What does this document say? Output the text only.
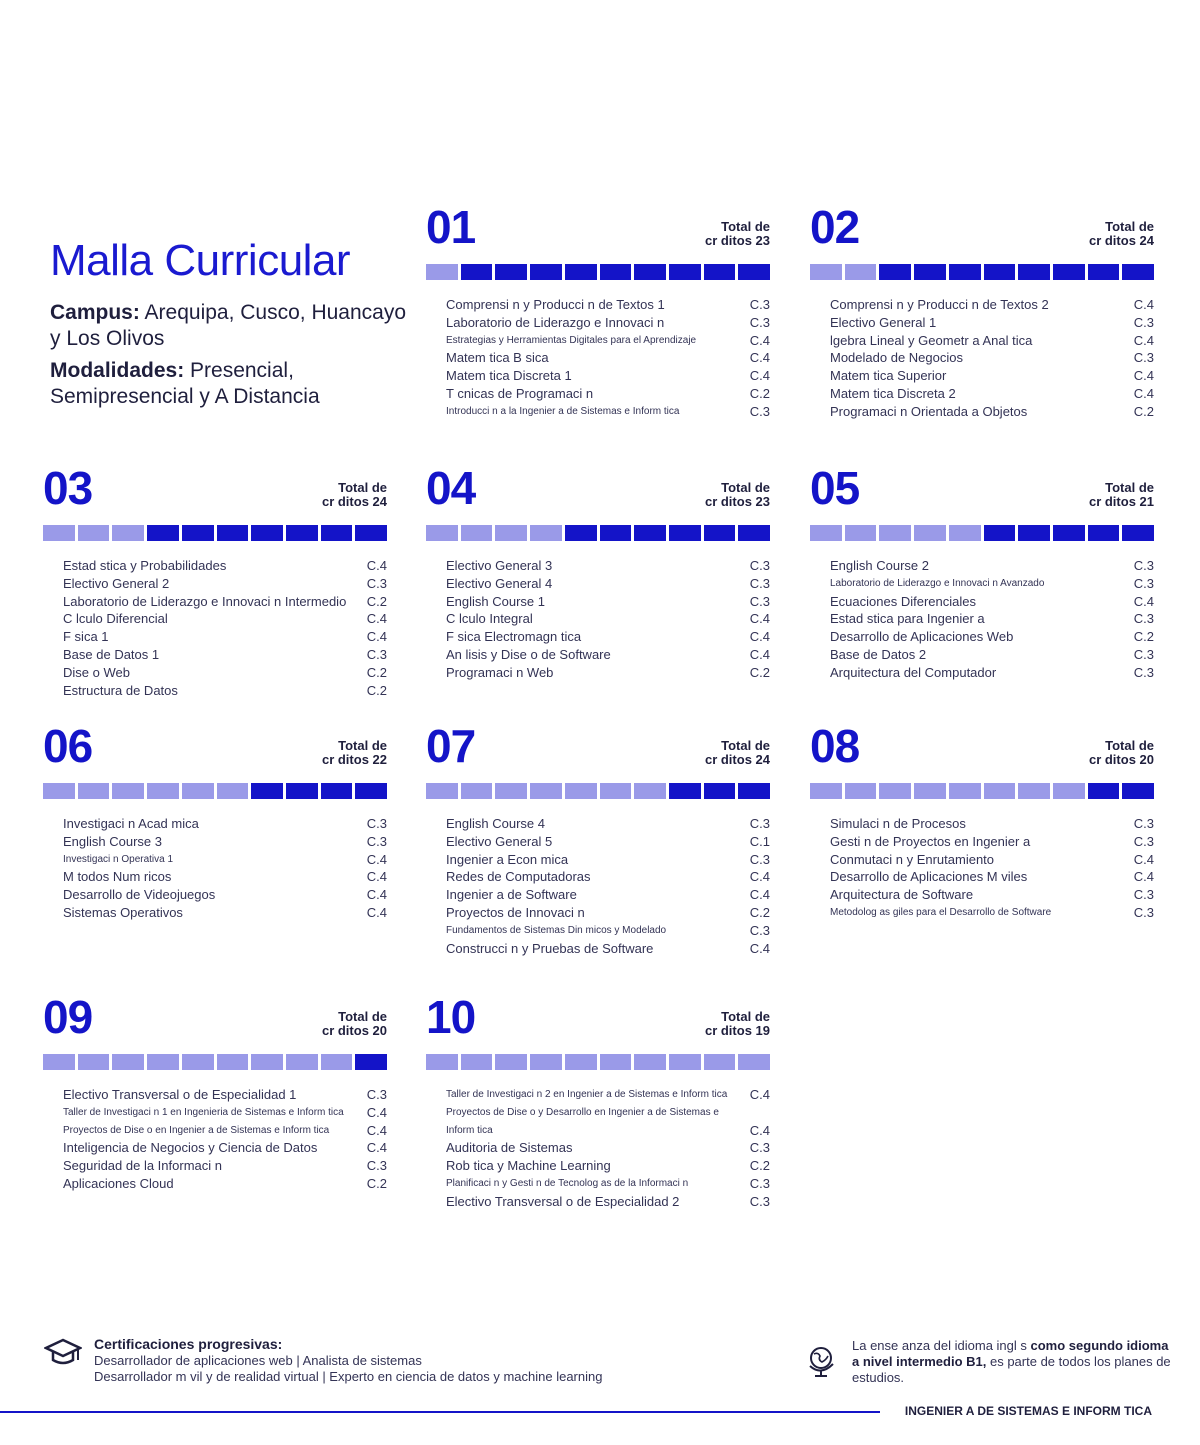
Malla Curricular

Campus: Arequipa, Cusco, Huancayo y Los Olivos

Modalidades: Presencial, Semipresencial y A Distancia

01	Total de
cr ditos 23
Comprensi n y Producci n de Textos 1	C.3
Laboratorio de Liderazgo e Innovaci n	C.3
Estrategias y Herramientas Digitales para el Aprendizaje	C.4
Matem tica B sica	C.4
Matem tica Discreta 1	C.4
T cnicas de Programaci n	C.2
Introducci n a la Ingenier a de Sistemas e Inform tica	C.3
02	Total de
cr ditos 24
Comprensi n y Producci n de Textos 2	C.4
Electivo General 1	C.3
lgebra Lineal y Geometr a Anal tica	C.4
Modelado de Negocios	C.3
Matem tica Superior	C.4
Matem tica Discreta 2	C.4
Programaci n Orientada a Objetos	C.2
03	Total de
cr ditos 24
Estad stica y Probabilidades	C.4
Electivo General 2	C.3
Laboratorio de Liderazgo e Innovaci n Intermedio C.2
C lculo Diferencial	C.4
F sica 1	C.4
Base de Datos 1	C.3
Dise o Web	C.2
Estructura de Datos	C.2
04	Total de
cr ditos 23
Electivo General 3	C.3
Electivo General 4	C.3
English Course 1	C.3
C lculo Integral	C.4
F sica Electromagn tica	C.4
An lisis y Dise o de Software	C.4
Programaci n Web	C.2
05	Total de
cr ditos 21
English Course 2	C.3
Laboratorio de Liderazgo e Innovaci n Avanzado	C.3
Ecuaciones Diferenciales	C.4
Estad stica para Ingenier a	C.3
Desarrollo de Aplicaciones Web	C.2
Base de Datos 2	C.3
Arquitectura del Computador	C.3
06	Total de
cr ditos 22
Investigaci n Acad mica	C.3
English Course 3	C.3
Investigaci n Operativa 1	C.4
M todos Num ricos	C.4
Desarrollo de Videojuegos	C.4
Sistemas Operativos	C.4
07	Total de
cr ditos 24
English Course 4	C.3
Electivo General 5	C.1
Ingenier a Econ mica	C.3
Redes de Computadoras	C.4
Ingenier a de Software	C.4
Proyectos de Innovaci n	C.2
Fundamentos de Sistemas Din micos y Modelado	C.3
Construcci n y Pruebas de Software	C.4
08	Total de
cr ditos 20
Simulaci n de Procesos	C.3
Gesti n de Proyectos en Ingenier a	C.3
Conmutaci n y Enrutamiento	C.4
Desarrollo de Aplicaciones M viles	C.4
Arquitectura de Software	C.3
Metodolog as giles para el Desarrollo de Software	C.3
09	Total de
cr ditos 20
Electivo Transversal o de Especialidad 1	C.3
Taller de Investigaci n 1 en Ingenieria de Sistemas e Inform tica C.4
Proyectos de Dise o en Ingenier a de Sistemas e Inform tica	C.4
Inteligencia de Negocios y Ciencia de Datos	C.4
Seguridad de la Informaci n	C.3
Aplicaciones Cloud	C.2
10	Total de
cr ditos 19
Taller de Investigaci n 2 en Ingenier a de Sistemas e Inform tica C.4
Proyectos de Dise o y Desarrollo en Ingenier a de Sistemas e Inform tica	C.4
Auditoria de Sistemas	C.3
Rob tica y Machine Learning	C.2
Planificaci n y Gesti n de Tecnolog as de la Informaci n	C.3
Electivo Transversal o de Especialidad 2	C.3
Certificaciones progresivas:
Desarrollador de aplicaciones web | Analista de sistemas
Desarrollador m vil y de realidad virtual | Experto en ciencia de datos y machine learning
La ense anza del idioma ingl s como segundo idioma a nivel intermedio B1, es parte de todos los planes de estudios.
INGENIER A DE SISTEMAS E INFORM TICA
